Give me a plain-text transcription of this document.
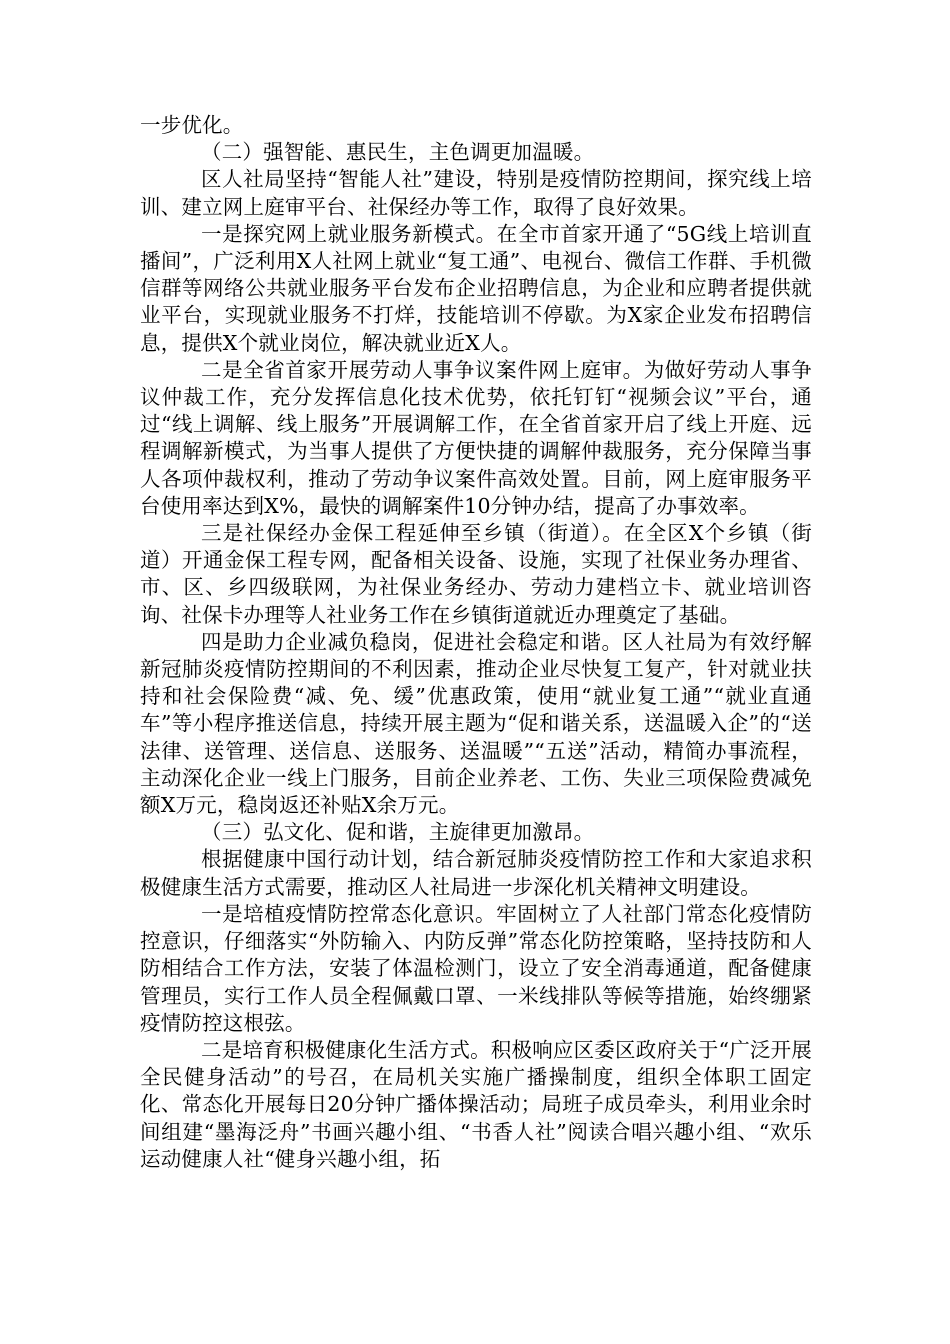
一步优化。

（二）强智能、惠民生，主色调更加温暖。

区人社局坚持“智能人社”建设，特别是疫情防控期间，探究线上培训、建立网上庭审平台、社保经办等工作，取得了良好效果。

一是探究网上就业服务新模式。在全市首家开通了“5G线上培训直播间”，广泛利用X人社网上就业“复工通”、电视台、微信工作群、手机微信群等网络公共就业服务平台发布企业招聘信息，为企业和应聘者提供就业平台，实现就业服务不打烊，技能培训不停歇。为X家企业发布招聘信息，提供X个就业岗位，解决就业近X人。

二是全省首家开展劳动人事争议案件网上庭审。为做好劳动人事争议仲裁工作，充分发挥信息化技术优势，依托钉钉“视频会议”平台，通过“线上调解、线上服务”开展调解工作，在全省首家开启了线上开庭、远程调解新模式，为当事人提供了方便快捷的调解仲裁服务，充分保障当事人各项仲裁权利，推动了劳动争议案件高效处置。目前，网上庭审服务平台使用率达到X%，最快的调解案件10分钟办结，提高了办事效率。

三是社保经办金保工程延伸至乡镇（街道）。在全区X个乡镇（街道）开通金保工程专网，配备相关设备、设施，实现了社保业务办理省、市、区、乡四级联网，为社保业务经办、劳动力建档立卡、就业培训咨询、社保卡办理等人社业务工作在乡镇街道就近办理奠定了基础。

四是助力企业减负稳岗，促进社会稳定和谐。区人社局为有效纾解新冠肺炎疫情防控期间的不利因素，推动企业尽快复工复产，针对就业扶持和社会保险费“减、免、缓”优惠政策，使用“就业复工通”“就业直通车”等小程序推送信息，持续开展主题为“促和谐关系，送温暖入企”的“送法律、送管理、送信息、送服务、送温暖”“五送”活动，精简办事流程，主动深化企业一线上门服务，目前企业养老、工伤、失业三项保险费减免额X万元，稳岗返还补贴X余万元。

（三）弘文化、促和谐，主旋律更加激昂。

根据健康中国行动计划，结合新冠肺炎疫情防控工作和大家追求积极健康生活方式需要，推动区人社局进一步深化机关精神文明建设。

一是培植疫情防控常态化意识。牢固树立了人社部门常态化疫情防控意识，仔细落实“外防输入、内防反弹”常态化防控策略，坚持技防和人防相结合工作方法，安装了体温检测门，设立了安全消毒通道，配备健康管理员，实行工作人员全程佩戴口罩、一米线排队等候等措施，始终绷紧疫情防控这根弦。

二是培育积极健康化生活方式。积极响应区委区政府关于“广泛开展全民健身活动”的号召，在局机关实施广播操制度，组织全体职工固定化、常态化开展每日20分钟广播体操活动；局班子成员牵头，利用业余时间组建“墨海泛舟”书画兴趣小组、“书香人社”阅读合唱兴趣小组、“欢乐运动健康人社“健身兴趣小组，拓
